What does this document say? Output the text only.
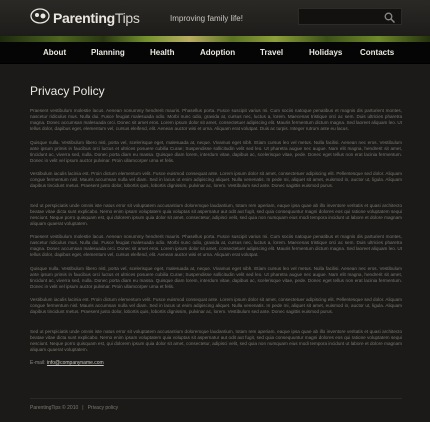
ParentingTips	Improving family life!
About	Planning	Health	Adoption	Travel	Holidays Contacts
Privacy Policy

Praesent vestibulum molestie lacus. Aenean nonummy hendrerit mauris. Phasellus porta. Fusce suscipit varius mi. Cum sociis natoque penatibus et magnis dis parturient montes, nascetur ridiculus mus. Nulla dui. Fusce feugiat malesuada odio. Morbi nunc odio, gravida at, cursus nec, luctus a, lorem. Maecenas tristique orci ac sem. Duis ultricies pharetra magna. Donec accumsan malesuada orci. Donec sit amet eros. Lorem ipsum dolor sit amet, consectetuer adipiscing elit. Mauris fermentum dictum magna. Sed laoreet aliquam leo. Ut tellus dolor, dapibus eget, elementum vel, cursus eleifend, elit. Aenean auctor wisi et urna. Aliquam erat volutpat. Duis ac turpis. Integer rutrum ante eu lacus.

Quisque nulla. Vestibulum libero nisl, porta vel, scelerisque eget, malesuada at, neque. Vivamus eget nibh. Etiam cursus leo vel metus. Nulla facilisi. Aenean nec eros. Vestibulum ante ipsum primis in faucibus orci luctus et ultrices posuere cubilia Curae; Suspendisse sollicitudin velit sed leo. Ut pharetra augue nec augue. Nam elit magna, hendrerit sit amet, tincidunt ac, viverra sed, nulla. Donec porta diam eu massa. Quisque diam lorem, interdum vitae, dapibus ac, scelerisque vitae, pede. Donec eget tellus non erat lacinia fermentum. Donec in velit vel ipsum auctor pulvinar. Proin ullamcorper urna et felis.

Vestibulum iaculis lacinia est. Proin dictum elementum velit. Fusce euismod consequat ante. Lorem ipsum dolor sit amet, consectetuer adipiscing elit. Pellentesque sed dolor. Aliquam congue fermentum nisl. Mauris accumsan nulla vel diam. Sed in lacus ut enim adipiscing aliquet. Nulla venenatis. In pede mi, aliquet sit amet, euismod in, auctor ut, ligula. Aliquam dapibus tincidunt metus. Praesent justo dolor, lobortis quis, lobortis dignissim, pulvinar ac, lorem. Vestibulum sed ante. Donec sagittis euismod purus.

Sed ut perspiciatis unde omnis iste natus error sit voluptatem accusantium doloremque laudantium, totam rem aperiam, eaque ipsa quae ab illo inventore veritatis et quasi architecto beatae vitae dicta sunt explicabo. Nemo enim ipsam voluptatem quia voluptas sit aspernatur aut odit aut fugit, sed quia consequuntur magni dolores eos qui ratione voluptatem sequi nesciunt. Neque porro quisquam est, qui dolorem ipsum quia dolor sit amet, consectetur, adipisci velit, sed quia non numquam eius modi tempora incidunt ut labore et dolore magnam aliquam quaerat voluptatem.

Praesent vestibulum molestie lacus. Aenean nonummy hendrerit mauris. Phasellus porta. Fusce suscipit varius mi. Cum sociis natoque penatibus et magnis dis parturient montes, nascetur ridiculus mus. Nulla dui. Fusce feugiat malesuada odio. Morbi nunc odio, gravida at, cursus nec, luctus a, lorem. Maecenas tristique orci ac sem. Duis ultricies pharetra magna. Donec accumsan malesuada orci. Donec sit amet eros. Lorem ipsum dolor sit amet, consectetuer adipiscing elit. Mauris fermentum dictum magna. Sed laoreet aliquam leo. Ut tellus dolor, dapibus eget, elementum vel, cursus eleifend, elit. Aenean auctor wisi et urna. Aliquam erat volutpat.

Quisque nulla. Vestibulum libero nisl, porta vel, scelerisque eget, malesuada at, neque. Vivamus eget nibh. Etiam cursus leo vel metus. Nulla facilisi. Aenean nec eros. Vestibulum ante ipsum primis in faucibus orci luctus et ultrices posuere cubilia Curae; Suspendisse sollicitudin velit sed leo. Ut pharetra augue nec augue. Nam elit magna, hendrerit sit amet, tincidunt ac, viverra sed, nulla. Donec porta diam eu massa. Quisque diam lorem, interdum vitae, dapibus ac, scelerisque vitae, pede. Donec eget tellus non erat lacinia fermentum. Donec in velit vel ipsum auctor pulvinar. Proin ullamcorper urna et felis.

Vestibulum iaculis lacinia est. Proin dictum elementum velit. Fusce euismod consequat ante. Lorem ipsum dolor sit amet, consectetuer adipiscing elit. Pellentesque sed dolor. Aliquam congue fermentum nisl. Mauris accumsan nulla vel diam. Sed in lacus ut enim adipiscing aliquet. Nulla venenatis. In pede mi, aliquet sit amet, euismod in, auctor ut, ligula. Aliquam dapibus tincidunt metus. Praesent justo dolor, lobortis quis, lobortis dignissim, pulvinar ac, lorem. Vestibulum sed ante. Donec sagittis euismod purus.

Sed ut perspiciatis unde omnis iste natus error sit voluptatem accusantium doloremque laudantium, totam rem aperiam, eaque ipsa quae ab illo inventore veritatis et quasi architecto beatae vitae dicta sunt explicabo. Nemo enim ipsam voluptatem quia voluptas sit aspernatur aut odit aut fugit, sed quia consequuntur magni dolores eos qui ratione voluptatem sequi nesciunt. Neque porro quisquam est, qui dolorem ipsum quia dolor sit amet, consectetur, adipisci velit, sed quia non numquam eius modi tempora incidunt ut labore et dolore magnam aliquam quaerat voluptatem.

E-mail: info@companyname.com
ParentingTips © 2010 | Privacy policy
